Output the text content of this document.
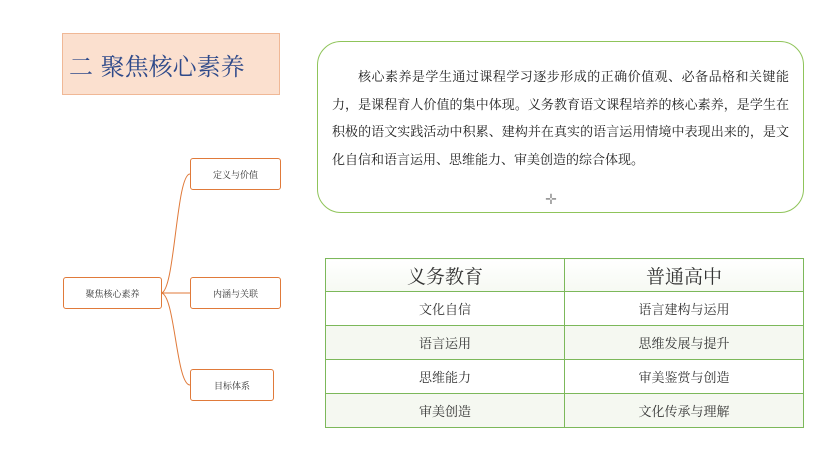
二 聚焦核心素养	核心素养是学生通过课程学习逐步形成的正确价值观、必备品格和关键能力，是课程育人价值的集中体现。义务教育语文课程培养的核心素养，是学生在积极的语文实践活动中积累、建构并在真实的语言运用情境中表现出来的，是文化自信和语言运用、思维能力、审美创造的综合体现。
✛
聚焦核心素养
定义与价值
内涵与关联
目标体系
义务教育	普通高中
文化自信	语言建构与运用
语言运用	思维发展与提升
思维能力	审美鉴赏与创造
审美创造	文化传承与理解
